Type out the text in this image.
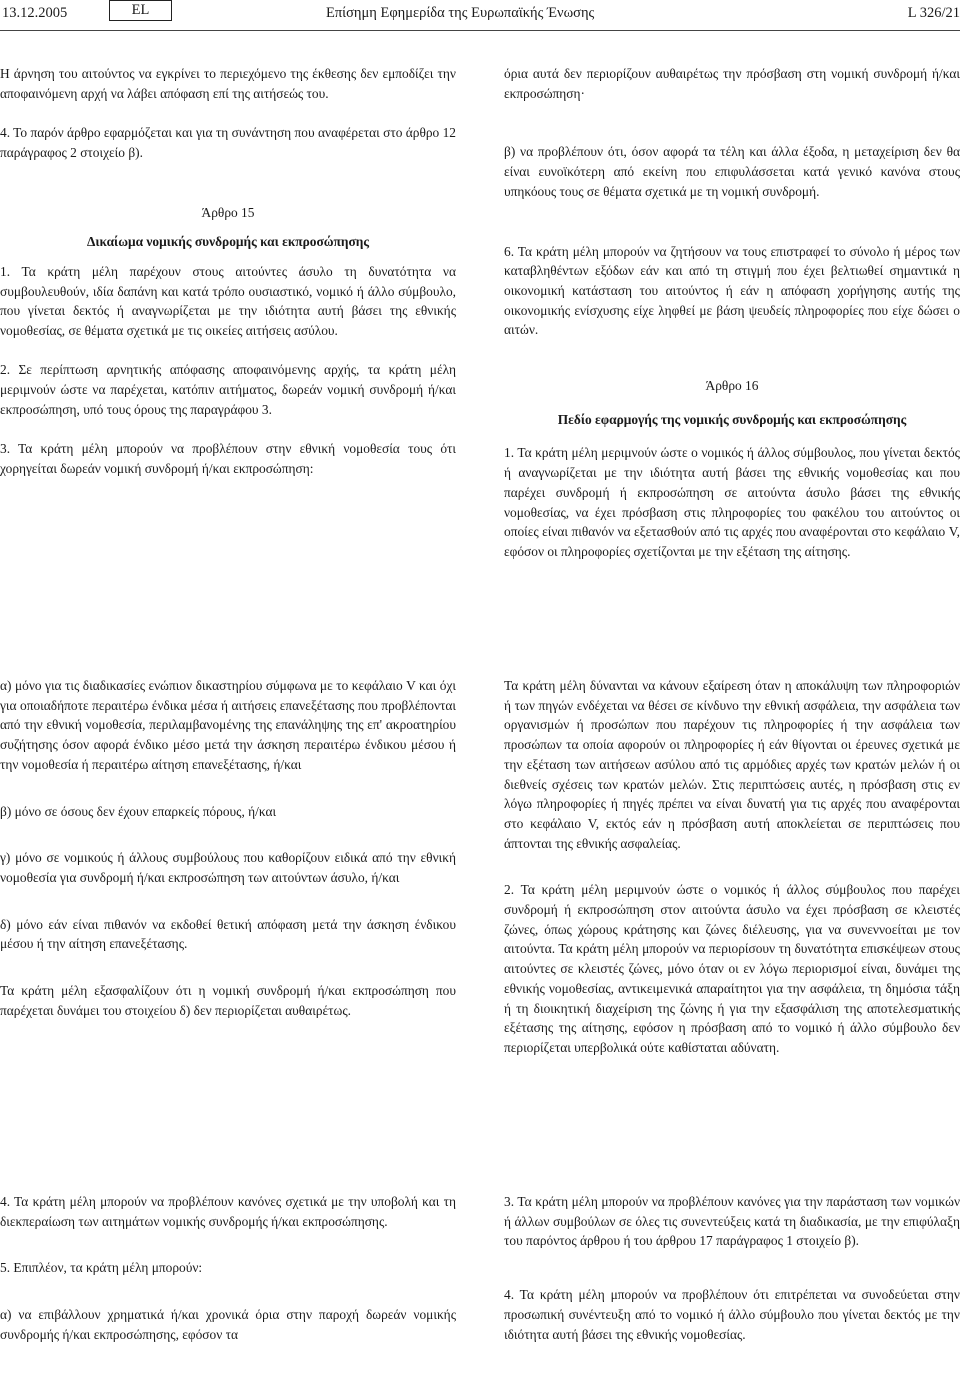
13.12.2005	EL	Επίσημη Εφημερίδα της Ευρωπαϊκής Ένωσης	L 326/21

Η άρνηση του αιτούντος να εγκρίνει το περιεχόμενο της έκθεσης δεν εμποδίζει την αποφαινόμενη αρχή να λάβει απόφαση επί της αιτήσεώς του.

4. Το παρόν άρθρο εφαρμόζεται και για τη συνάντηση που αναφέρεται στο άρθρο 12 παράγραφος 2 στοιχείο β).

Άρθρο 15

Δικαίωμα νομικής συνδρομής και εκπροσώπησης

1. Τα κράτη μέλη παρέχουν στους αιτούντες άσυλο τη δυνατότητα να συμβουλευθούν, ιδία δαπάνη και κατά τρόπο ουσιαστικό, νομικό ή άλλο σύμβουλο, που γίνεται δεκτός ή αναγνωρίζεται με την ιδιότητα αυτή βάσει της εθνικής νομοθεσίας, σε θέματα σχετικά με τις οικείες αιτήσεις ασύλου.

2. Σε περίπτωση αρνητικής απόφασης αποφαινόμενης αρχής, τα κράτη μέλη μεριμνούν ώστε να παρέχεται, κατόπιν αιτήματος, δωρεάν νομική συνδρομή ή/και εκπροσώπηση, υπό τους όρους της παραγράφου 3.

3. Τα κράτη μέλη μπορούν να προβλέπουν στην εθνική νομοθεσία τους ότι χορηγείται δωρεάν νομική συνδρομή ή/και εκπροσώπηση:

όρια αυτά δεν περιορίζουν αυθαιρέτως την πρόσβαση στη νομική συνδρομή ή/και εκπροσώπηση·

β) να προβλέπουν ότι, όσον αφορά τα τέλη και άλλα έξοδα, η μεταχείριση δεν θα είναι ευνοϊκότερη από εκείνη που επιφυλάσσεται κατά γενικό κανόνα στους υπηκόους τους σε θέματα σχετικά με τη νομική συνδρομή.

6. Τα κράτη μέλη μπορούν να ζητήσουν να τους επιστραφεί το σύνολο ή μέρος των καταβληθέντων εξόδων εάν και από τη στιγμή που έχει βελτιωθεί σημαντικά η οικονομική κατάσταση του αιτούντος ή εάν η απόφαση χορήγησης αυτής της οικονομικής ενίσχυσης είχε ληφθεί με βάση ψευδείς πληροφορίες που είχε δώσει ο αιτών.

Άρθρο 16

Πεδίο εφαρμογής της νομικής συνδρομής και εκπροσώπησης

1. Τα κράτη μέλη μεριμνούν ώστε ο νομικός ή άλλος σύμβουλος, που γίνεται δεκτός ή αναγνωρίζεται με την ιδιότητα αυτή βάσει της εθνικής νομοθεσίας και που παρέχει συνδρομή ή εκπροσώπηση σε αιτούντα άσυλο βάσει της εθνικής νομοθεσίας, να έχει πρόσβαση στις πληροφορίες του φακέλου του αιτούντος οι οποίες είναι πιθανόν να εξετασθούν από τις αρχές που αναφέρονται στο κεφάλαιο V, εφόσον οι πληροφορίες σχετίζονται με την εξέταση της αίτησης.

α) μόνο για τις διαδικασίες ενώπιον δικαστηρίου σύμφωνα με το κεφάλαιο V και όχι για οποιαδήποτε περαιτέρω ένδικα μέσα ή αιτήσεις επανεξέτασης που προβλέπονται από την εθνική νομοθεσία, περιλαμβανομένης της επανάληψης της επ' ακροατηρίου συζήτησης όσον αφορά ένδικο μέσο μετά την άσκηση περαιτέρω ένδικου μέσου ή την νομοθεσία ή περαιτέρω αίτηση επανεξέτασης, ή/και

β) μόνο σε όσους δεν έχουν επαρκείς πόρους, ή/και

γ) μόνο σε νομικούς ή άλλους συμβούλους που καθορίζουν ειδικά από την εθνική νομοθεσία για συνδρομή ή/και εκπροσώπηση των αιτούντων άσυλο, ή/και

δ) μόνο εάν είναι πιθανόν να εκδοθεί θετική απόφαση μετά την άσκηση ένδικου μέσου ή την αίτηση επανεξέτασης.

Τα κράτη μέλη εξασφαλίζουν ότι η νομική συνδρομή ή/και εκπροσώπηση που παρέχεται δυνάμει του στοιχείου δ) δεν περιορίζεται αυθαιρέτως.

Τα κράτη μέλη δύνανται να κάνουν εξαίρεση όταν η αποκάλυψη των πληροφοριών ή των πηγών ενδέχεται να θέσει σε κίνδυνο την εθνική ασφάλεια, την ασφάλεια των οργανισμών ή προσώπων που παρέχουν τις πληροφορίες ή την ασφάλεια των προσώπων τα οποία αφορούν οι πληροφορίες ή εάν θίγονται οι έρευνες σχετικά με την εξέταση των αιτήσεων ασύλου από τις αρμόδιες αρχές των κρατών μελών ή οι διεθνείς σχέσεις των κρατών μελών. Στις περιπτώσεις αυτές, η πρόσβαση στις εν λόγω πληροφορίες ή πηγές πρέπει να είναι δυνατή για τις αρχές που αναφέρονται στο κεφάλαιο V, εκτός εάν η πρόσβαση αυτή αποκλείεται σε περιπτώσεις που άπτονται της εθνικής ασφαλείας.

2. Τα κράτη μέλη μεριμνούν ώστε ο νομικός ή άλλος σύμβουλος που παρέχει συνδρομή ή εκπροσώπηση στον αιτούντα άσυλο να έχει πρόσβαση σε κλειστές ζώνες, όπως χώρους κράτησης και ζώνες διέλευσης, για να συνεννοείται με τον αιτούντα. Τα κράτη μέλη μπορούν να περιορίσουν τη δυνατότητα επισκέψεων στους αιτούντες σε κλειστές ζώνες, μόνο όταν οι εν λόγω περιορισμοί είναι, δυνάμει της εθνικής νομοθεσίας, αντικειμενικά απαραίτητοι για την ασφάλεια, τη δημόσια τάξη ή τη διοικητική διαχείριση της ζώνης ή για την εξασφάλιση της αποτελεσματικής εξέτασης της αίτησης, εφόσον η πρόσβαση από το νομικό ή άλλο σύμβουλο δεν περιορίζεται υπερβολικά ούτε καθίσταται αδύνατη.

4. Τα κράτη μέλη μπορούν να προβλέπουν κανόνες σχετικά με την υποβολή και τη διεκπεραίωση των αιτημάτων νομικής συνδρομής ή/και εκπροσώπησης.

5. Επιπλέον, τα κράτη μέλη μπορούν:

α) να επιβάλλουν χρηματικά ή/και χρονικά όρια στην παροχή δωρεάν νομικής συνδρομής ή/και εκπροσώπησης, εφόσον τα

3. Τα κράτη μέλη μπορούν να προβλέπουν κανόνες για την παράσταση των νομικών ή άλλων συμβούλων σε όλες τις συνεντεύξεις κατά τη διαδικασία, με την επιφύλαξη του παρόντος άρθρου ή του άρθρου 17 παράγραφος 1 στοιχείο β).

4. Τα κράτη μέλη μπορούν να προβλέπουν ότι επιτρέπεται να συνοδεύεται στην προσωπική συνέντευξη από το νομικό ή άλλο σύμβουλο που γίνεται δεκτός με την ιδιότητα αυτή βάσει της εθνικής νομοθεσίας.
